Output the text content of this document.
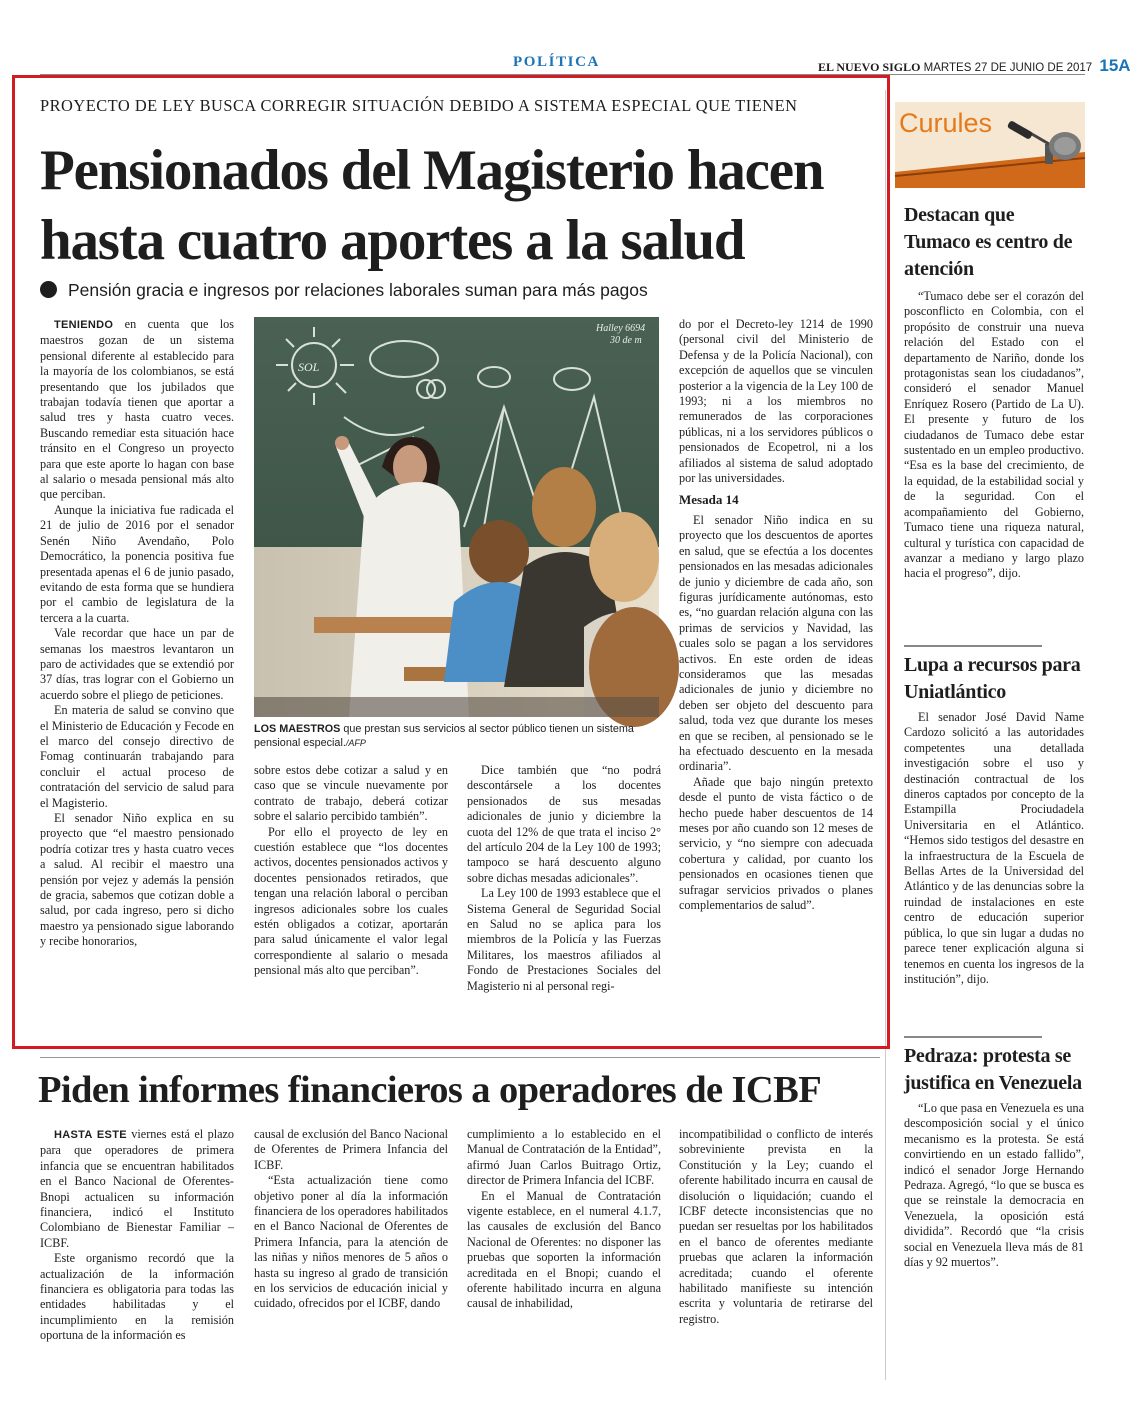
POLÍTICA	EL NUEVO SIGLO MARTES 27 DE JUNIO DE 2017 15A
PROYECTO DE LEY BUSCA CORREGIR SITUACIÓN DEBIDO A SISTEMA ESPECIAL QUE TIENEN
Pensionados del Magisterio hacen hasta cuatro aportes a la salud
Pensión gracia e ingresos por relaciones laborales suman para más pagos

TENIENDO en cuenta que los maestros gozan de un sistema pensional diferente al establecido para la mayoría de los colombianos, se está presentando que los jubilados que trabajan todavía tienen que aportar a salud tres y hasta cuatro veces. Buscando remediar esta situación hace tránsito en el Congreso un proyecto para que este aporte lo hagan con base al salario o mesada pensional más alto que perciban.

Aunque la iniciativa fue radicada el 21 de julio de 2016 por el senador Senén Niño Avendaño, Polo Democrático, la ponencia positiva fue presentada apenas el 6 de junio pasado, evitando de esta forma que se hundiera por el cambio de legislatura de la tercera a la cuarta.

Vale recordar que hace un par de semanas los maestros levantaron un paro de actividades que se extendió por 37 días, tras lograr con el Gobierno un acuerdo sobre el pliego de peticiones.

En materia de salud se convino que el Ministerio de Educación y Fecode en el marco del consejo directivo de Fomag continuarán trabajando para concluir el actual proceso de contratación del servicio de salud para el Magisterio.

El senador Niño explica en su proyecto que “el maestro pensionado podría cotizar tres y hasta cuatro veces a salud. Al recibir el maestro una pensión por vejez y además la pensión de gracia, sabemos que cotizan doble a salud, por cada ingreso, pero si dicho maestro ya pensionado sigue laborando y recibe honorarios,

SOL
Halley 6694
30 de m
LOS MAESTROS que prestan sus servicios al sector público tienen un sistema pensional especial./AFP

sobre estos debe cotizar a salud y en caso que se vincule nuevamente por contrato de trabajo, deberá cotizar sobre el salario percibido también”.

Por ello el proyecto de ley en cuestión establece que “los docentes activos, docentes pensionados activos y docentes pensionados retirados, que tengan una relación laboral o perciban ingresos adicionales sobre los cuales estén obligados a cotizar, aportarán para salud únicamente el valor legal correspondiente al salario o mesada pensional más alto que perciban”.

Dice también que “no podrá descontársele a los docentes pensionados de sus mesadas adicionales de junio y diciembre la cuota del 12% de que trata el inciso 2° del artículo 204 de la Ley 100 de 1993; tampoco se hará descuento alguno sobre dichas mesadas adicionales”.

La Ley 100 de 1993 establece que el Sistema General de Seguridad Social en Salud no se aplica para los miembros de la Policía y las Fuerzas Militares, los maestros afiliados al Fondo de Prestaciones Sociales del Magisterio ni al personal regi-

do por el Decreto-ley 1214 de 1990 (personal civil del Ministerio de Defensa y de la Policía Nacional), con excepción de aquellos que se vinculen posterior a la vigencia de la Ley 100 de 1993; ni a los miembros no remunerados de las corporaciones públicas, ni a los servidores públicos o pensionados de Ecopetrol, ni a los afiliados al sistema de salud adoptado por las universidades.

Mesada 14

El senador Niño indica en su proyecto que los descuentos de aportes en salud, que se efectúa a los docentes pensionados en las mesadas adicionales de junio y diciembre de cada año, son figuras jurídicamente autónomas, esto es, “no guardan relación alguna con las primas de servicios y Navidad, las cuales solo se pagan a los servidores activos. En este orden de ideas consideramos que las mesadas adicionales de junio y diciembre no deben ser objeto del descuento para salud, toda vez que durante los meses en que se reciben, al pensionado se le ha efectuado descuento en la mesada ordinaria”.

Añade que bajo ningún pretexto desde el punto de vista fáctico o de hecho puede haber descuentos de 14 meses por año cuando son 12 meses de servicio, y “no siempre con adecuada cobertura y calidad, por cuanto los pensionados en ocasiones tienen que sufragar servicios privados o planes complementarios de salud”.

Piden informes financieros a operadores de ICBF

HASTA ESTE viernes está el plazo para que operadores de primera infancia que se encuentran habilitados en el Banco Nacional de Oferentes- Bnopi actualicen su información financiera, indicó el Instituto Colombiano de Bienestar Familiar – ICBF.

Este organismo recordó que la actualización de la información financiera es obligatoria para todas las entidades habilitadas y el incumplimiento en la remisión oportuna de la información es

causal de exclusión del Banco Nacional de Oferentes de Primera Infancia del ICBF.

“Esta actualización tiene como objetivo poner al día la información financiera de los operadores habilitados en el Banco Nacional de Oferentes de Primera Infancia, para la atención de las niñas y niños menores de 5 años o hasta su ingreso al grado de transición en los servicios de educación inicial y cuidado, ofrecidos por el ICBF, dando

cumplimiento a lo establecido en el Manual de Contratación de la Entidad”, afirmó Juan Carlos Buitrago Ortiz, director de Primera Infancia del ICBF.

En el Manual de Contratación vigente establece, en el numeral 4.1.7, las causales de exclusión del Banco Nacional de Oferentes: no disponer las pruebas que soporten la información acreditada en el Bnopi; cuando el oferente habilitado incurra en alguna causal de inhabilidad,

incompatibilidad o conflicto de interés sobreviniente prevista en la Constitución y la Ley; cuando el oferente habilitado incurra en causal de disolución o liquidación; cuando el ICBF detecte inconsistencias que no puedan ser resueltas por los habilitados en el banco de oferentes mediante pruebas que aclaren la información acreditada; cuando el oferente habilitado manifieste su intención escrita y voluntaria de retirarse del registro.

Curules
Destacan que Tumaco es centro de atención

“Tumaco debe ser el corazón del posconflicto en Colombia, con el propósito de construir una nueva relación del Estado con el departamento de Nariño, donde los protagonistas sean los ciudadanos”, consideró el senador Manuel Enríquez Rosero (Partido de La U). El presente y futuro de los ciudadanos de Tumaco debe estar sustentado en un empleo productivo. “Esa es la base del crecimiento, de la equidad, de la estabilidad social y de la seguridad. Con el acompañamiento del Gobierno, Tumaco tiene una riqueza natural, cultural y turística con capacidad de avanzar a mediano y largo plazo hacia el progreso”, dijo.

Lupa a recursos para Uniatlántico

El senador José David Name Cardozo solicitó a las autoridades competentes una detallada investigación sobre el uso y destinación contractual de los dineros captados por concepto de la Estampilla Prociudadela Universitaria en el Atlántico. “Hemos sido testigos del desastre en la infraestructura de la Escuela de Bellas Artes de la Universidad del Atlántico y de las denuncias sobre la ruindad de instalaciones en este centro de educación superior pública, lo que sin lugar a dudas no parece tener explicación alguna si tenemos en cuenta los ingresos de la institución”, dijo.

Pedraza: protesta se justifica en Venezuela

“Lo que pasa en Venezuela es una descomposición social y el único mecanismo es la protesta. Se está convirtiendo en un estado fallido”, indicó el senador Jorge Hernando Pedraza. Agregó, “lo que se busca es que se reinstale la democracia en Venezuela, la oposición está dividida”. Recordó que “la crisis social en Venezuela lleva más de 81 días y 92 muertos”.
